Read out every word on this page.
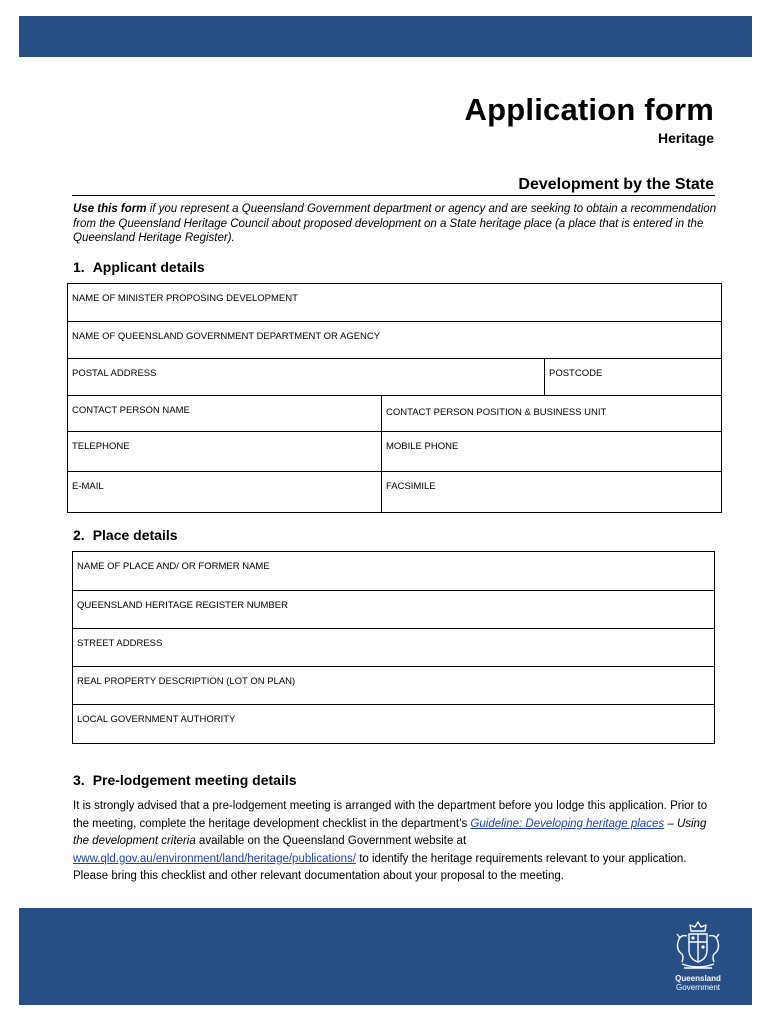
Application form
Heritage
Development by the State
Use this form if you represent a Queensland Government department or agency and are seeking to obtain a recommendation from the Queensland Heritage Council about proposed development on a State heritage place (a place that is entered in the Queensland Heritage Register).
1. Applicant details
NAME OF MINISTER PROPOSING DEVELOPMENT		
NAME OF QUEENSLAND GOVERNMENT DEPARTMENT OR AGENCY		
POSTAL ADDRESS		POSTCODE
CONTACT PERSON NAME	CONTACT PERSON POSITION & BUSINESS UNIT	
TELEPHONE	MOBILE PHONE	
E-MAIL	FACSIMILE	
2. Place details
NAME OF PLACE AND/ OR FORMER NAME
QUEENSLAND HERITAGE REGISTER NUMBER
STREET ADDRESS
REAL PROPERTY DESCRIPTION (LOT ON PLAN)
LOCAL GOVERNMENT AUTHORITY
3. Pre-lodgement meeting details
It is strongly advised that a pre-lodgement meeting is arranged with the department before you lodge this application. Prior to the meeting, complete the heritage development checklist in the department’s Guideline: Developing heritage places – Using the development criteria available on the Queensland Government website at www.qld.gov.au/environment/land/heritage/publications/ to identify the heritage requirements relevant to your application. Please bring this checklist and other relevant documentation about your proposal to the meeting.
Queensland
Government
